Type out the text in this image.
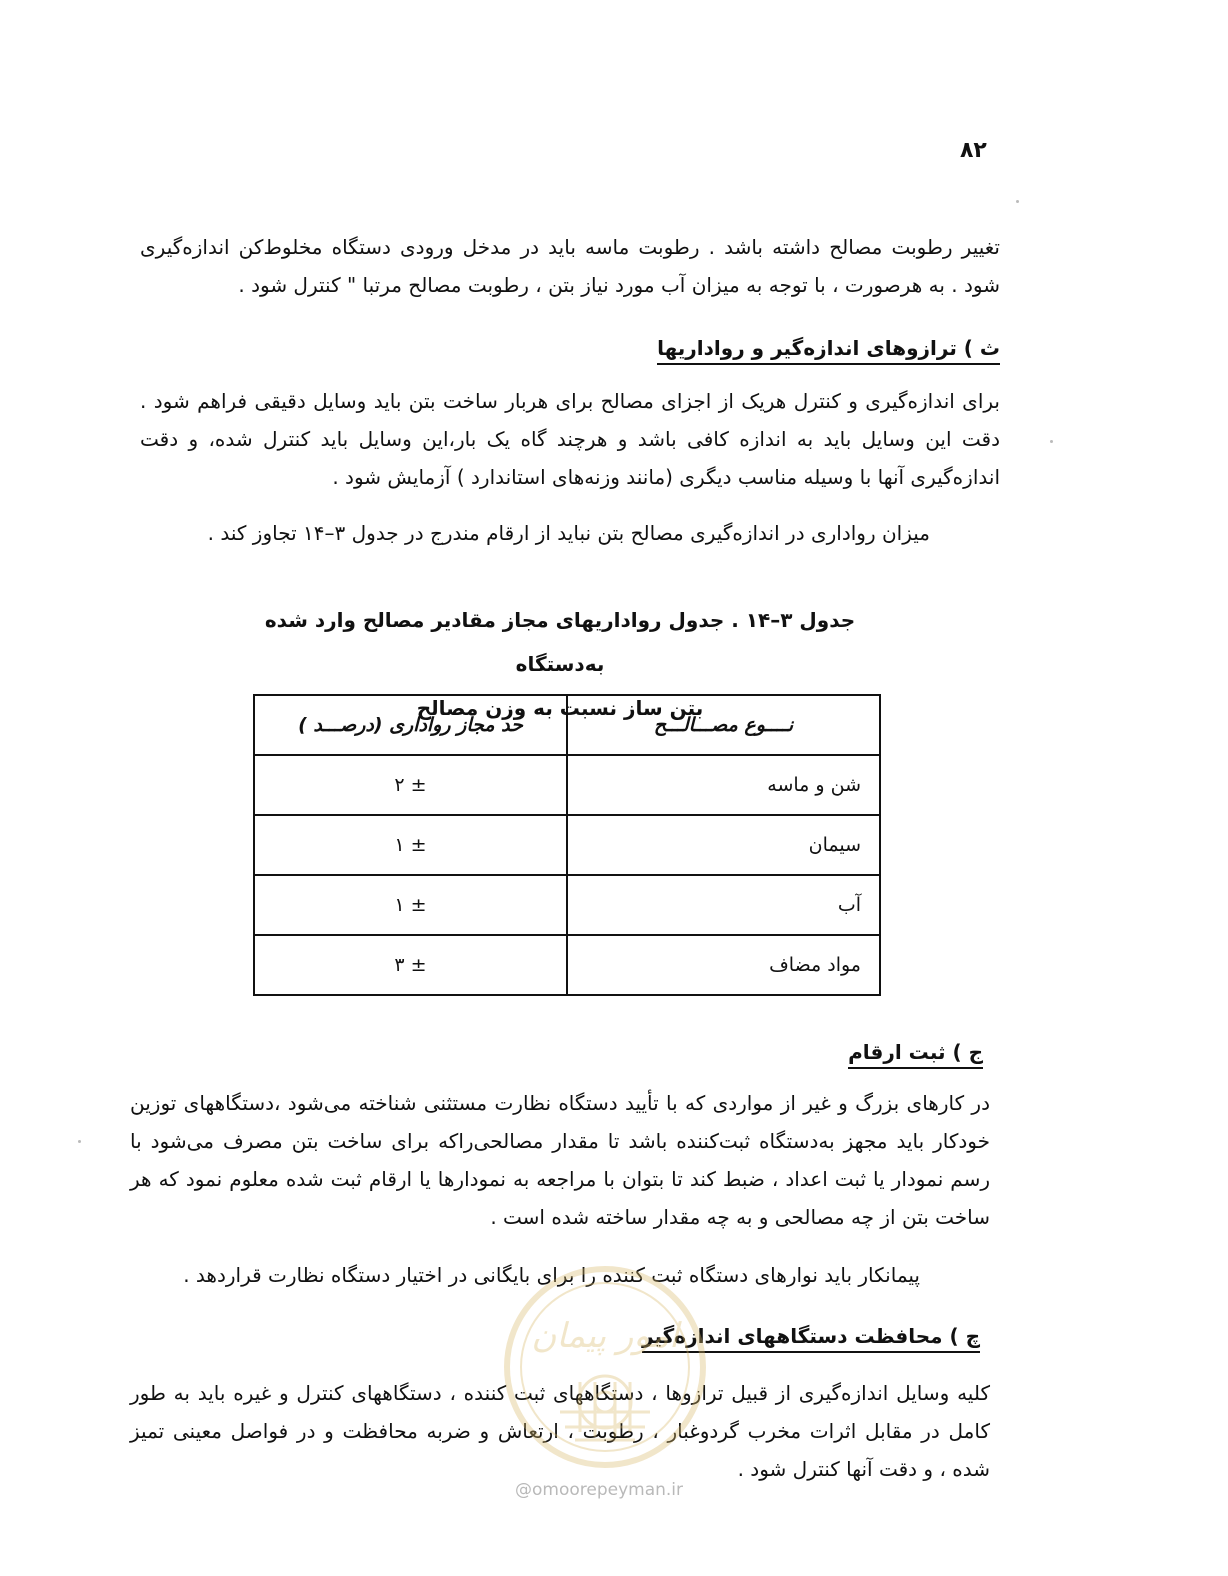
۸۲
تغییر رطوبت مصالح داشته باشد . رطوبت ماسه باید در مدخل ورودی دستگاه مخلوط‌کن اندازه‌گیری شود . به هرصورت ، با توجه به میزان آب مورد نیاز بتن ، رطوبت مصالح مرتبا " کنترل شود .
ث ) ترازوهای اندازه‌گیر و رواداریها
برای اندازه‌گیری و کنترل هریک از اجزای مصالح برای هربار ساخت بتن باید وسایل دقیقی فراهم شود . دقت این وسایل باید به اندازه کافی باشد و هرچند گاه یک بار،این وسایل باید کنترل شده، و دقت اندازه‌گیری آنها با وسیله مناسب دیگری (مانند وزنه‌های استاندارد ) آزمایش شود .
میزان رواداری در اندازه‌گیری مصالح بتن نباید از ارقام مندرج در جدول ۳–۱۴ تجاوز کند .
جدول ۳–۱۴ . جدول رواداریهای مجاز مقادیر مصالح وارد شده به‌دستگاه
بتن ساز نسبت به وزن مصالح
نــــوع مصـــالـــح	حد مجاز رواداری (درصـــد )
شن و ماسه	± ۲
سیمان	± ۱
آب	± ۱
مواد مضاف	± ۳
ج ) ثبت ارقام
در کارهای بزرگ و غیر از مواردی که با تأیید دستگاه نظارت مستثنی شناخته می‌شود ،دستگاههای توزین خودکار باید مجهز به‌دستگاه ثبت‌کننده باشد تا مقدار مصالحی‌راکه برای ساخت بتن مصرف می‌شود با رسم نمودار یا ثبت اعداد ، ضبط کند تا بتوان با مراجعه به نمودارها یا ارقام ثبت شده معلوم نمود که هر ساخت بتن از چه مصالحی و به چه مقدار ساخته شده است .
پیمانکار باید نوارهای دستگاه ثبت کننده را برای بایگانی در اختیار دستگاه نظارت قراردهد .
چ ) محافظت دستگاههای اندازه‌گیر
کلیه وسایل اندازه‌گیری از قبیل ترازوها ، دستگاههای ثبت کننده ، دستگاههای کنترل و غیره باید به طور کامل در مقابل اثرات مخرب گردوغبار ، رطوبت ، ارتعاش و ضربه محافظت و در فواصل معینی تمیز شده ، و دقت آنها کنترل شود .
امور پیمان
@omoorepeyman.ir
